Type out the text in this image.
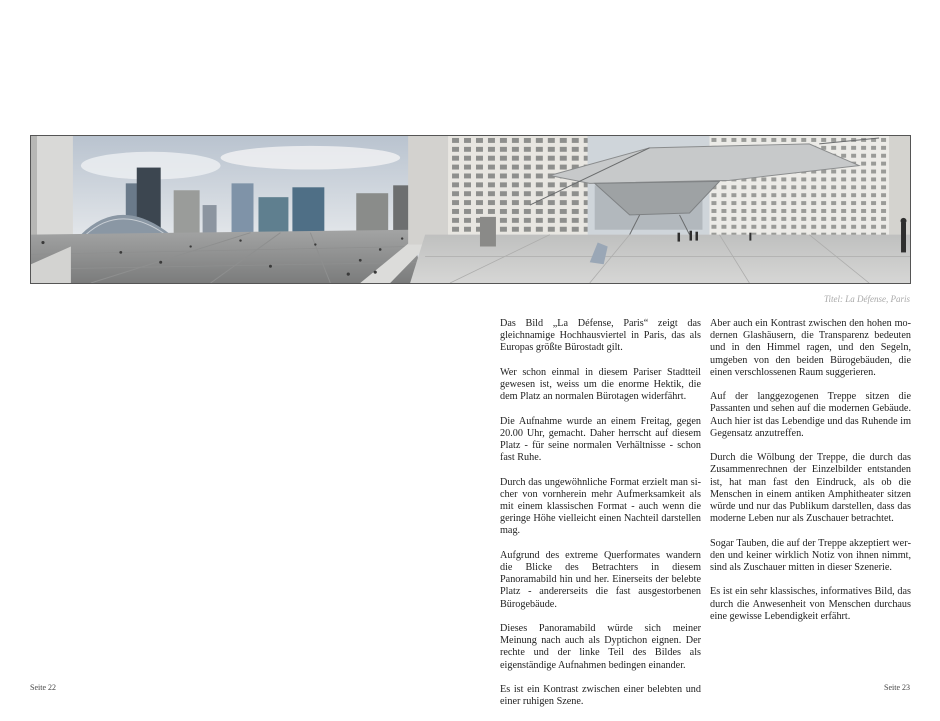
Titel: La Défense, Paris

Das Bild „La Défense, Paris“ zeigt das gleichnamige Hochhausviertel in Paris, das als Europas größte Bürostadt gilt.

Wer schon einmal in diesem Pariser Stadtteil gewesen ist, weiss um die enorme Hektik, die dem Platz an normalen Bürotagen widerfährt.

Die Aufnahme wurde an einem Freitag, gegen 20.00 Uhr, gemacht. Daher herrscht auf diesem Platz - für seine normalen Verhältnisse - schon fast Ruhe.

Durch das ungewöhnliche Format erzielt man sicher von vornherein mehr Aufmerksamkeit als mit einem klassischen Format - auch wenn die geringe Höhe vielleicht einen Nachteil darstellen mag.

Aufgrund des extreme Querformates wandern die Blicke des Betrachters in diesem Panoramabild hin und her. Einerseits der belebte Platz - andererseits die fast ausgestorbenen Bürogebäude.

Dieses Panoramabild würde sich meiner Meinung nach auch als Dyptichon eignen. Der rechte und der linke Teil des Bildes als eigenständige Aufnahmen bedingen einander.

Es ist ein Kontrast zwischen einer belebten und einer ruhigen Szene.

Aber auch ein Kontrast zwischen den hohen modernen Glashäusern, die Transparenz bedeuten und in den Himmel ragen, und den Segeln, umgeben von den beiden Bürogebäuden, die einen verschlossenen Raum suggerieren.

Auf der langgezogenen Treppe sitzen die Passanten und sehen auf die modernen Gebäude. Auch hier ist das Lebendige und das Ruhende im Gegensatz anzutreffen.

Durch die Wölbung der Treppe, die durch das Zusammenrechnen der Einzelbilder entstanden ist, hat man fast den Eindruck, als ob die Menschen in einem antiken Amphitheater sitzen würde und nur das Publikum darstellen, dass das moderne Leben nur als Zuschauer betrachtet.

Sogar Tauben, die auf der Treppe akzeptiert werden und keiner wirklich Notiz von ihnen nimmt, sind als Zuschauer mitten in dieser Szenerie.

Es ist ein sehr klassisches, informatives Bild, das durch die Anwesenheit von Menschen durchaus eine gewisse Lebendigkeit erfährt.

Seite 22	Seite 23
